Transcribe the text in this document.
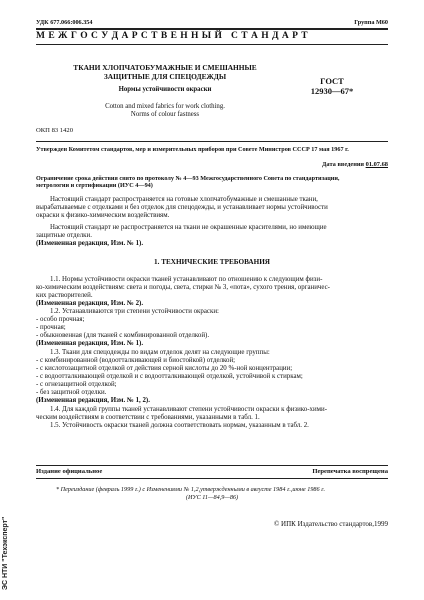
УДК 677.066:006.354	Группа М60
М Е Ж Г О С У Д А Р С Т В Е Н Н Ы Й   С Т А Н Д А Р Т
ТКАНИ ХЛОПЧАТОБУМАЖНЫЕ И СМЕШАННЫЕ
ЗАЩИТНЫЕ ДЛЯ СПЕЦОДЕЖДЫ
Нормы устойчивости окраски
Cotton and mixed fabrics for work clothing.
Norms of colour fastness
ГОСТ
12930—67*
ОКП 83 1420
Утвержден Комитетом стандартов, мер и измерительных приборов при Совете Министров СССР 17 мая 1967 г.
Дата введения 01.07.68
Ограничение срока действия снято по протоколу № 4—93 Межгосударственного Совета по стандартизации,
метрологии и сертификации (ИУС 4—94)
Настоящий стандарт распространяется на готовые хлопчатобумажные и смешанные ткани,
вырабатываемые с отделками и без отделок для спецодежды, и устанавливает нормы устойчивости
окраски к физико-химическим воздействиям.
Настоящий стандарт не распространяется на ткани не окрашенные красителями, но имеющие
защитные отделки.
(Измененная редакция, Изм. № 1).
1. ТЕХНИЧЕСКИЕ ТРЕБОВАНИЯ
1.1. Нормы устойчивости окраски тканей устанавливают по отношению к следующим физи-
ко-химическим воздействиям: света и погоды, света, стирки № 3, «пота», сухого трения, органичес-
ких растворителей.
(Измененная редакция, Изм. № 2).
1.2. Устанавливаются три степени устойчивости окраски:
- особо прочная;
- прочная;
- обыкновенная (для тканей с комбинированной отделкой).
(Измененная редакция, Изм. № 1).
1.3. Ткани для спецодежды по видам отделок делят на следующие группы:
- с комбинированной (водоотталкивающей и биостойкой) отделкой;
- с кислотозащитной отделкой от действия серной кислоты до 20 %-ной концентрации;
- с водоотталкивающей отделкой и с водоотталкивающей отделкой, устойчивой к стиркам;
- с огнезащитной отделкой;
- без защитной отделки.
(Измененная редакция, Изм. № 1, 2).
1.4. Для каждой группы тканей устанавливают степени устойчивости окраски к физико-хими-
ческим воздействиям в соответствии с требованиями, указанными в табл. 1.
1.5. Устойчивость окраски тканей должна соответствовать нормам, указанным в табл. 2.
Издание официальное	Перепечатка воспрещена
* Переиздание (февраль 1999 г.) с Изменениями № 1,2,утвержденными в августе 1984 г.,июне 1986 г.
(ИУС 11—84,9—86)
© ИПК Издательство стандартов,1999
ЭС НТИ "Техэксперт"
